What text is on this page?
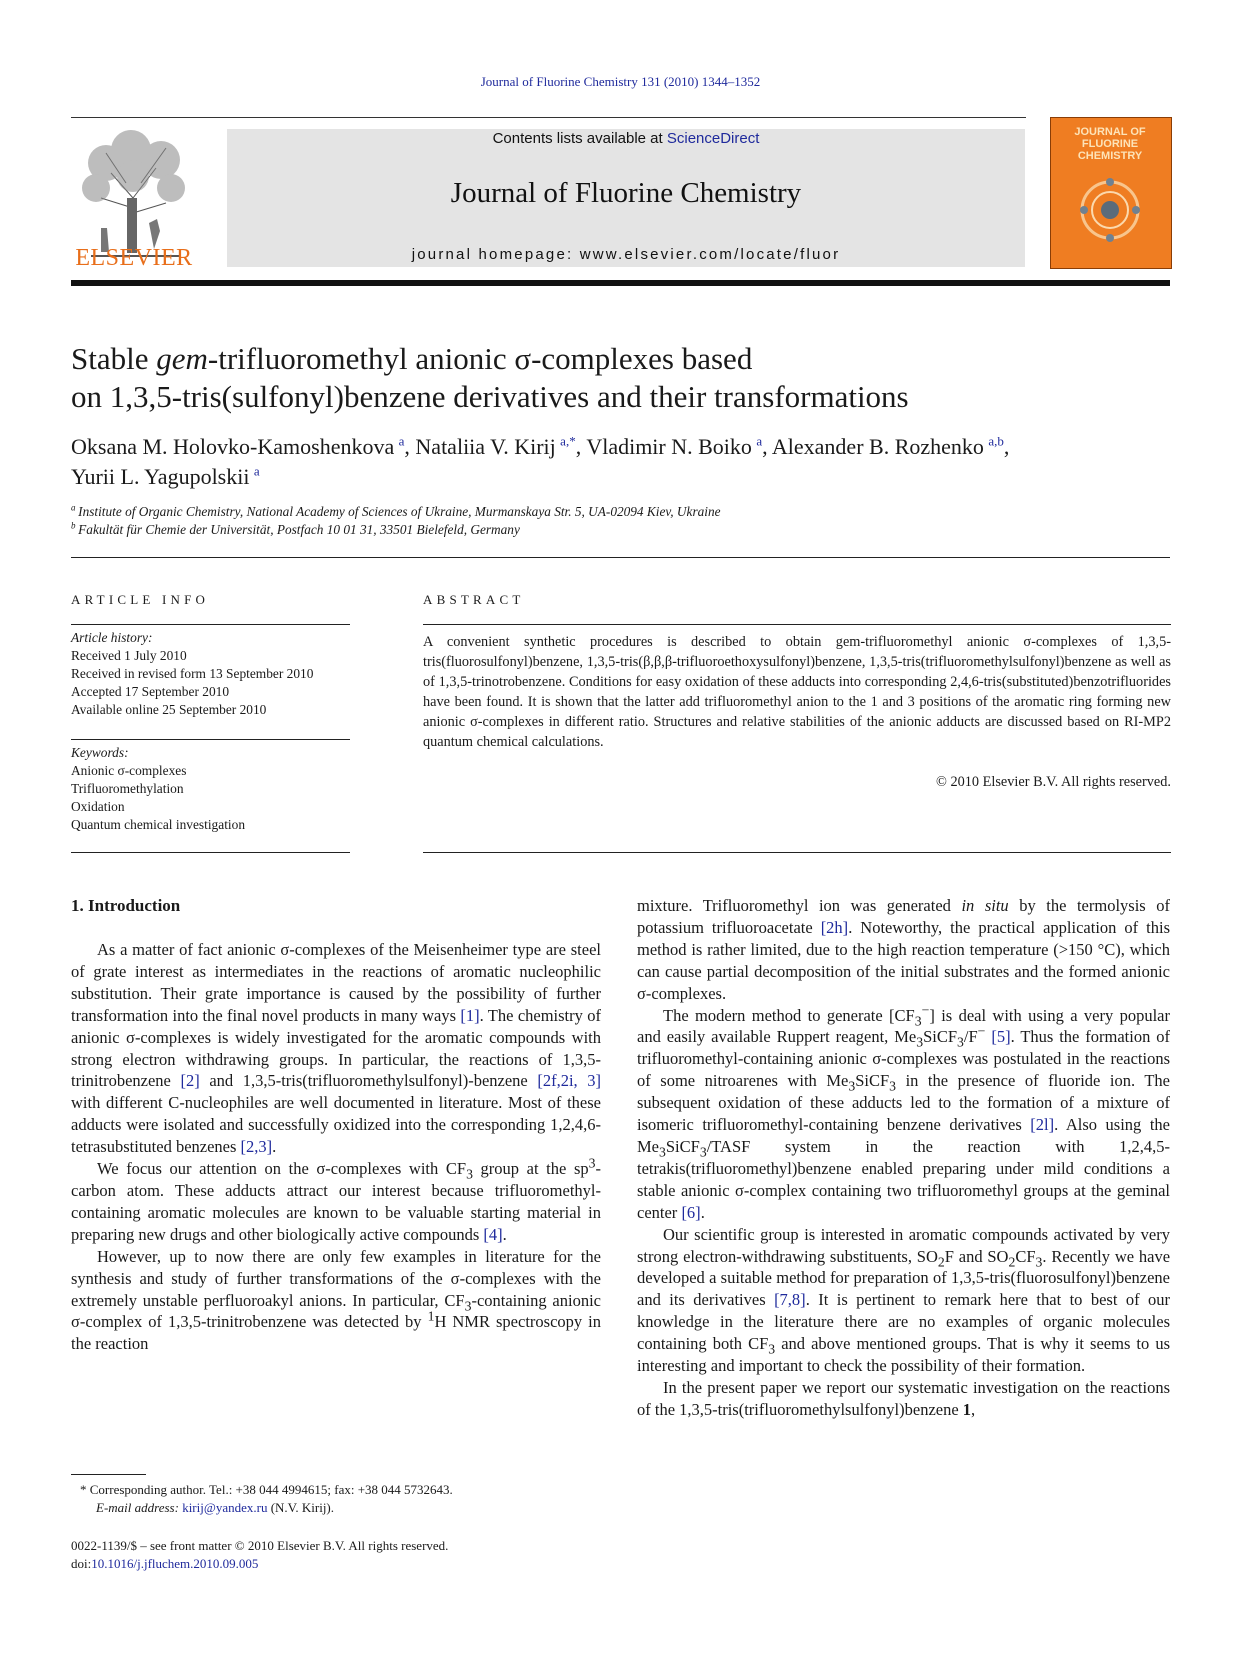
Journal of Fluorine Chemistry 131 (2010) 1344–1352
ELSEVIER
Contents lists available at ScienceDirect
Journal of Fluorine Chemistry
journal homepage: www.elsevier.com/locate/fluor
JOURNAL OF FLUORINE CHEMISTRY
Stable gem-trifluoromethyl anionic σ-complexes based
on 1,3,5-tris(sulfonyl)benzene derivatives and their transformations
Oksana M. Holovko-Kamoshenkova  $^a$, Nataliia V. Kirij  $^{a,*}$, Vladimir N. Boiko  $^a$, Alexander B. Rozhenko  $^{a,b}$,
Yurii L. Yagupolskii  $^a$
$^a$  Institute of Organic Chemistry, National Academy of Sciences of Ukraine, Murmanskaya Str. 5, UA-02094 Kiev, Ukraine
$^b$  Fakultät für Chemie der Universität, Postfach 10 01 31, 33501 Bielefeld, Germany
ARTICLE INFO
Article history:
Received 1 July 2010
Received in revised form 13 September 2010
Accepted 17 September 2010
Available online 25 September 2010
Keywords:
Anionic σ-complexes
Trifluoromethylation
Oxidation
Quantum chemical investigation
ABSTRACT
A convenient synthetic procedures is described to obtain gem-trifluoromethyl anionic σ-complexes of 1,3,5-tris(fluorosulfonyl)benzene, 1,3,5-tris(β,β,β-trifluoroethoxysulfonyl)benzene, 1,3,5-tris(trifluoromethylsulfonyl)benzene as well as of 1,3,5-trinotrobenzene. Conditions for easy oxidation of these adducts into corresponding 2,4,6-tris(substituted)benzotrifluorides have been found. It is shown that the latter add trifluoromethyl anion to the 1 and 3 positions of the aromatic ring forming new anionic σ-complexes in different ratio. Structures and relative stabilities of the anionic adducts are discussed based on RI-MP2 quantum chemical calculations.
© 2010 Elsevier B.V. All rights reserved.
1. Introduction

As a matter of fact anionic σ-complexes of the Meisenheimer type are steel of grate interest as intermediates in the reactions of aromatic nucleophilic substitution. Their grate importance is caused by the possibility of further transformation into the final novel products in many ways [1]. The chemistry of anionic σ-complexes is widely investigated for the aromatic compounds with strong electron withdrawing groups. In particular, the reactions of 1,3,5-trinitrobenzene [2] and 1,3,5-tris(trifluoromethylsulfonyl)-benzene [2f,2i, 3] with different C-nucleophiles are well documented in literature. Most of these adducts were isolated and successfully oxidized into the corresponding 1,2,4,6-tetrasubstituted benzenes [2,3].

We focus our attention on the σ-complexes with $CF_3$ group at the $sp^3$-carbon atom. These adducts attract our interest because trifluoromethyl-containing aromatic molecules are known to be valuable starting material in preparing new drugs and other biologically active compounds [4].

However, up to now there are only few examples in literature for the synthesis and study of further transformations of the σ-complexes with the extremely unstable perfluoroakyl anions. In particular, $CF_3$-containing anionic σ-complex of 1,3,5-trinitrobenzene was detected by $^1$H NMR spectroscopy in the reaction

mixture. Trifluoromethyl ion was generated in situ by the termolysis of potassium trifluoroacetate [2h]. Noteworthy, the practical application of this method is rather limited, due to the high reaction temperature (>150 °C), which can cause partial decomposition of the initial substrates and the formed anionic σ-complexes.

The modern method to generate $[CF_3^-]$ is deal with using a very popular and easily available Ruppert reagent, $Me_3SiCF_3/F^-$ [5]. Thus the formation of trifluoromethyl-containing anionic σ-complexes was postulated in the reactions of some nitroarenes with $Me_3SiCF_3$ in the presence of fluoride ion. The subsequent oxidation of these adducts led to the formation of a mixture of isomeric trifluoromethyl-containing benzene derivatives [2l]. Also using the $Me_3SiCF_3$/TASF system in the reaction with 1,2,4,5-tetrakis(trifluoromethyl)benzene enabled preparing under mild conditions a stable anionic σ-complex containing two trifluoromethyl groups at the geminal center [6].

Our scientific group is interested in aromatic compounds activated by very strong electron-withdrawing substituents, $SO_2F$ and $SO_2CF_3$. Recently we have developed a suitable method for preparation of 1,3,5-tris(fluorosulfonyl)benzene and its derivatives [7,8]. It is pertinent to remark here that to best of our knowledge in the literature there are no examples of organic molecules containing both $CF_3$ and above mentioned groups. That is why it seems to us interesting and important to check the possibility of their formation.

In the present paper we report our systematic investigation on the reactions of the 1,3,5-tris(trifluoromethylsulfonyl)benzene 1,

* Corresponding author. Tel.: +38 044 4994615; fax: +38 044 5732643.
E-mail address: kirij@yandex.ru (N.V. Kirij).
0022-1139/$ – see front matter © 2010 Elsevier B.V. All rights reserved.
doi:10.1016/j.jfluchem.2010.09.005
